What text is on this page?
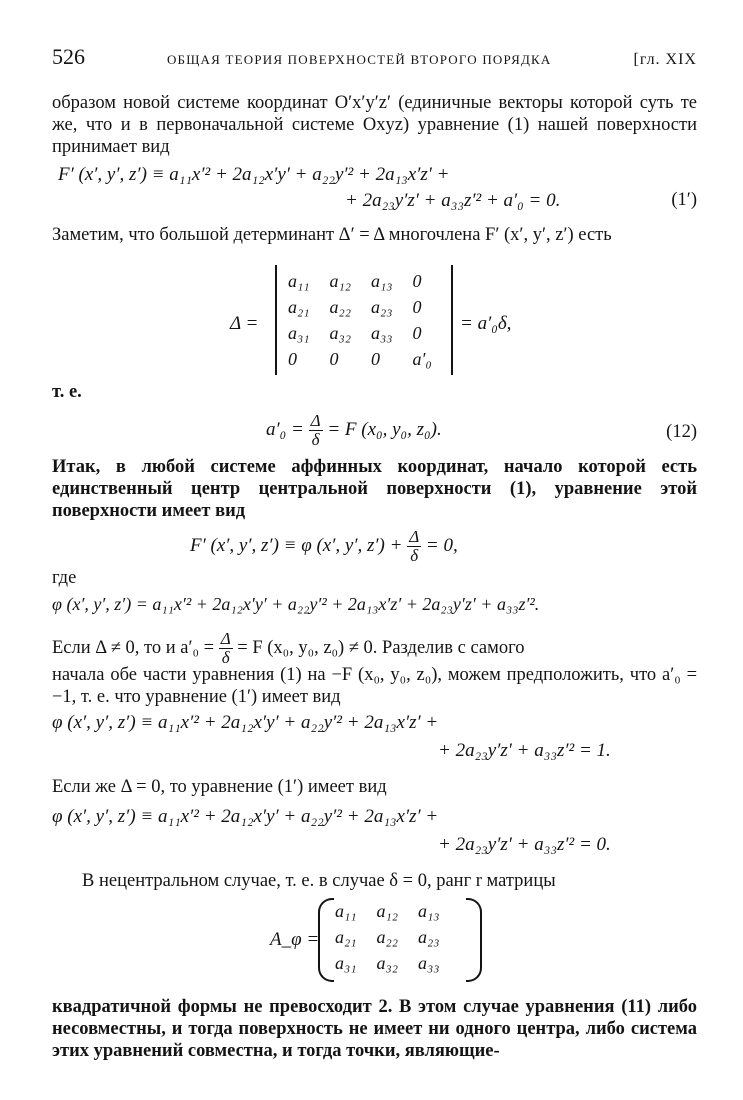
526	ОБЩАЯ ТЕОРИЯ ПОВЕРХНОСТЕЙ ВТОРОГО ПОРЯДКА	[гл. XIX
образом новой системе координат O′x′y′z′ (единичные векторы которой суть те же, что и в первоначальной системе Oxyz) уравнение (1) нашей поверхности принимает вид
F′ (x′, y′, z′) ≡ a₁₁x′² + 2a₁₂x′y′ + a₂₂y′² + 2a₁₃x′z′ +
+ 2a₂₃y′z′ + a₃₃z′² + a′₀ = 0.	(1′)
Заметим, что большой детерминант Δ′ = Δ многочлена F′ (x′, y′, z′) есть
Δ =
a₁₁	a₁₂	a₁₃	0
a₂₁	a₂₂	a₂₃	0
a₃₁	a₃₂	a₃₃	0
0	0	0	a′₀
= a′₀δ,
т. е.
$a'_0 = \frac{\Delta}{\delta} = F$ (x₀, y₀, z₀).	(12)
Итак, в любой системе аффинных координат, начало которой есть единственный центр центральной поверхности (1), уравнение этой поверхности имеет вид
F′ (x′, y′, z′) ≡ φ (x′, y′, $z') + \frac{\Delta}{\delta} = 0$,
где
φ (x′, y′, z′) = a₁₁x′² + 2a₁₂x′y′ + a₂₂y′² + 2a₁₃x′z′ + 2a₂₃y′z′ + a₃₃z′².
Если Δ ≠ 0, то и $a'_0 = \frac{\Delta}{\delta} = F$ (x₀, y₀, z₀) ≠ 0. Разделив с самого
начала обе части уравнения (1) на −F (x₀, y₀, z₀), можем предположить, что a′₀ = −1, т. е. что уравнение (1′) имеет вид
φ (x′, y′, z′) ≡ a₁₁x′² + 2a₁₂x′y′ + a₂₂y′² + 2a₁₃x′z′ +
+ 2a₂₃y′z′ + a₃₃z′² = 1.
Если же Δ = 0, то уравнение (1′) имеет вид
φ (x′, y′, z′) ≡ a₁₁x′² + 2a₁₂x′y′ + a₂₂y′² + 2a₁₃x′z′ +
+ 2a₂₃y′z′ + a₃₃z′² = 0.
В нецентральном случае, т. е. в случае δ = 0, ранг r матрицы
A_φ =
a₁₁	a₁₂	a₁₃
a₂₁	a₂₂	a₂₃
a₃₁	a₃₂	a₃₃
квадратичной формы не превосходит 2. В этом случае уравнения (11) либо несовместны, и тогда поверхность не имеет ни одного центра, либо система этих уравнений совместна, и тогда точки, являющие-
